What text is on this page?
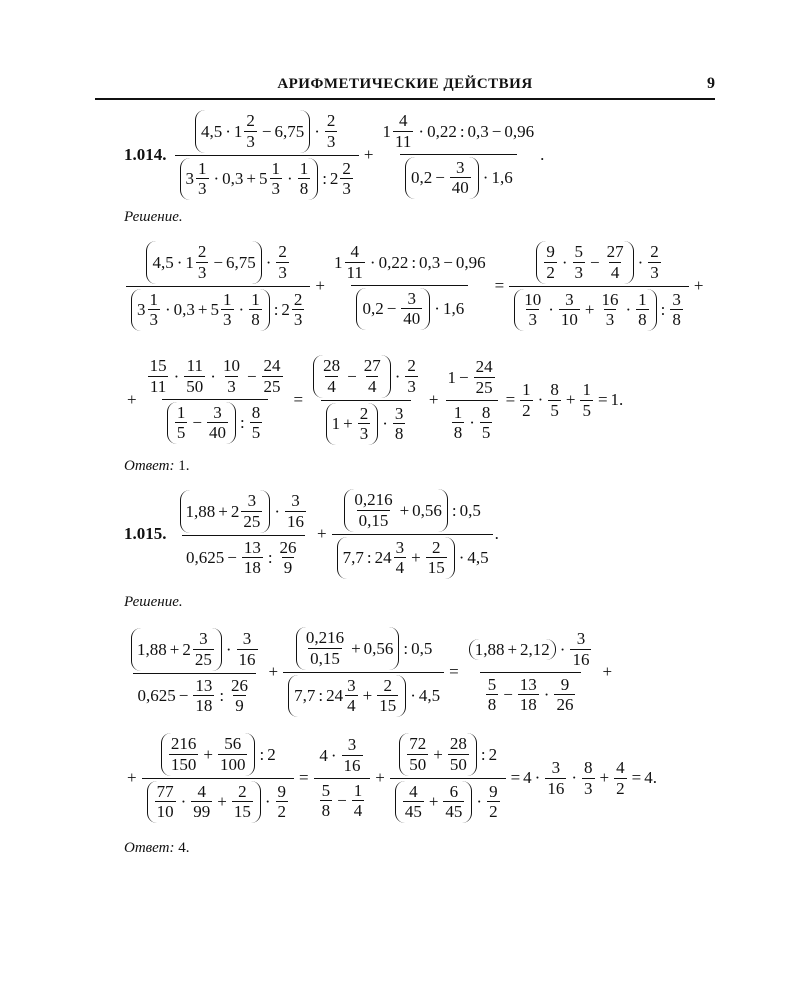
АРИФМЕТИЧЕСКИЕ ДЕЙСТВИЯ	9
1.014.
4,5 · 1
2
3
− 6,75 ·
2
3
3
1
3
· 0,3 + 5
1
3
·
1
8
: 2
2
3
+ 1
4
11
· 0,22 : 0,3 − 0,96
$0,2 - \frac{3}{40} \cdot 1,6$ .
Решение.
4,5 · 1
2
3
− 6,75 ·
2
3
3
1
3
· 0,3 + 5
1
3
·
1
8
: 2
2
3
+ 1
4
11
· 0,22 : 0,3 − 0,96
$0,2 - \frac{3}{40} \cdot 1,6$ =
9
2
·
5
3
− $\frac{27}{4}$ ·
2
3
10
3
·
3
10
+ $\frac{16}{3}$ ·
1
8
:
3
8
+
+
15
11
·
11
50
·
10
3
− $\frac{24}{25}$
1
5
− $\frac{3}{40}$ :
8
5
= 28
4
− $\frac{27}{4}$ ·
2
3
$1 + \frac{2}{3}$ ·
3
$8 + 1 - \frac{24}{25}$
1
8
·
8
$5 = \frac{1}{2}$ ·
8
5
+ $\frac{1}{5} = 1$.
Ответ: 1.
1.015.
1,88 + 2
3
25
·
3
16
$0,625 - \frac{13}{18}$ :
26
9
+
0,216
0,15
+ 0,56 : 0,5
7,7 : 24
3
4
+ $\frac{2}{15} \cdot 4,5$
.
Решение.
1,88 + 2
3
25
·
3
16
$0,625 - \frac{13}{18}$ :
26
9
+
0,216
0,15
+ 0,56 : 0,5
7,7 : 24
3
4
+ $\frac{2}{15} \cdot 4,5$
= 1,88 + 2,12 ·
3
16
5
8
− $\frac{13}{18}$ ·
9
26 +
+
216
150
+ $\frac{56}{100}$ : 2
77
10
·
4
99
+ $\frac{2}{15}$ ·
9
2
= 4 ·
3
16
5
8
− $\frac{1}{4} + 72$
50
+ $\frac{28}{50}$ : 2
4
45
+ $\frac{6}{45}$ ·
9
2 = 4 ·
3
16
·
8
3
+ $\frac{4}{2} = 4$.
Ответ: 4.
